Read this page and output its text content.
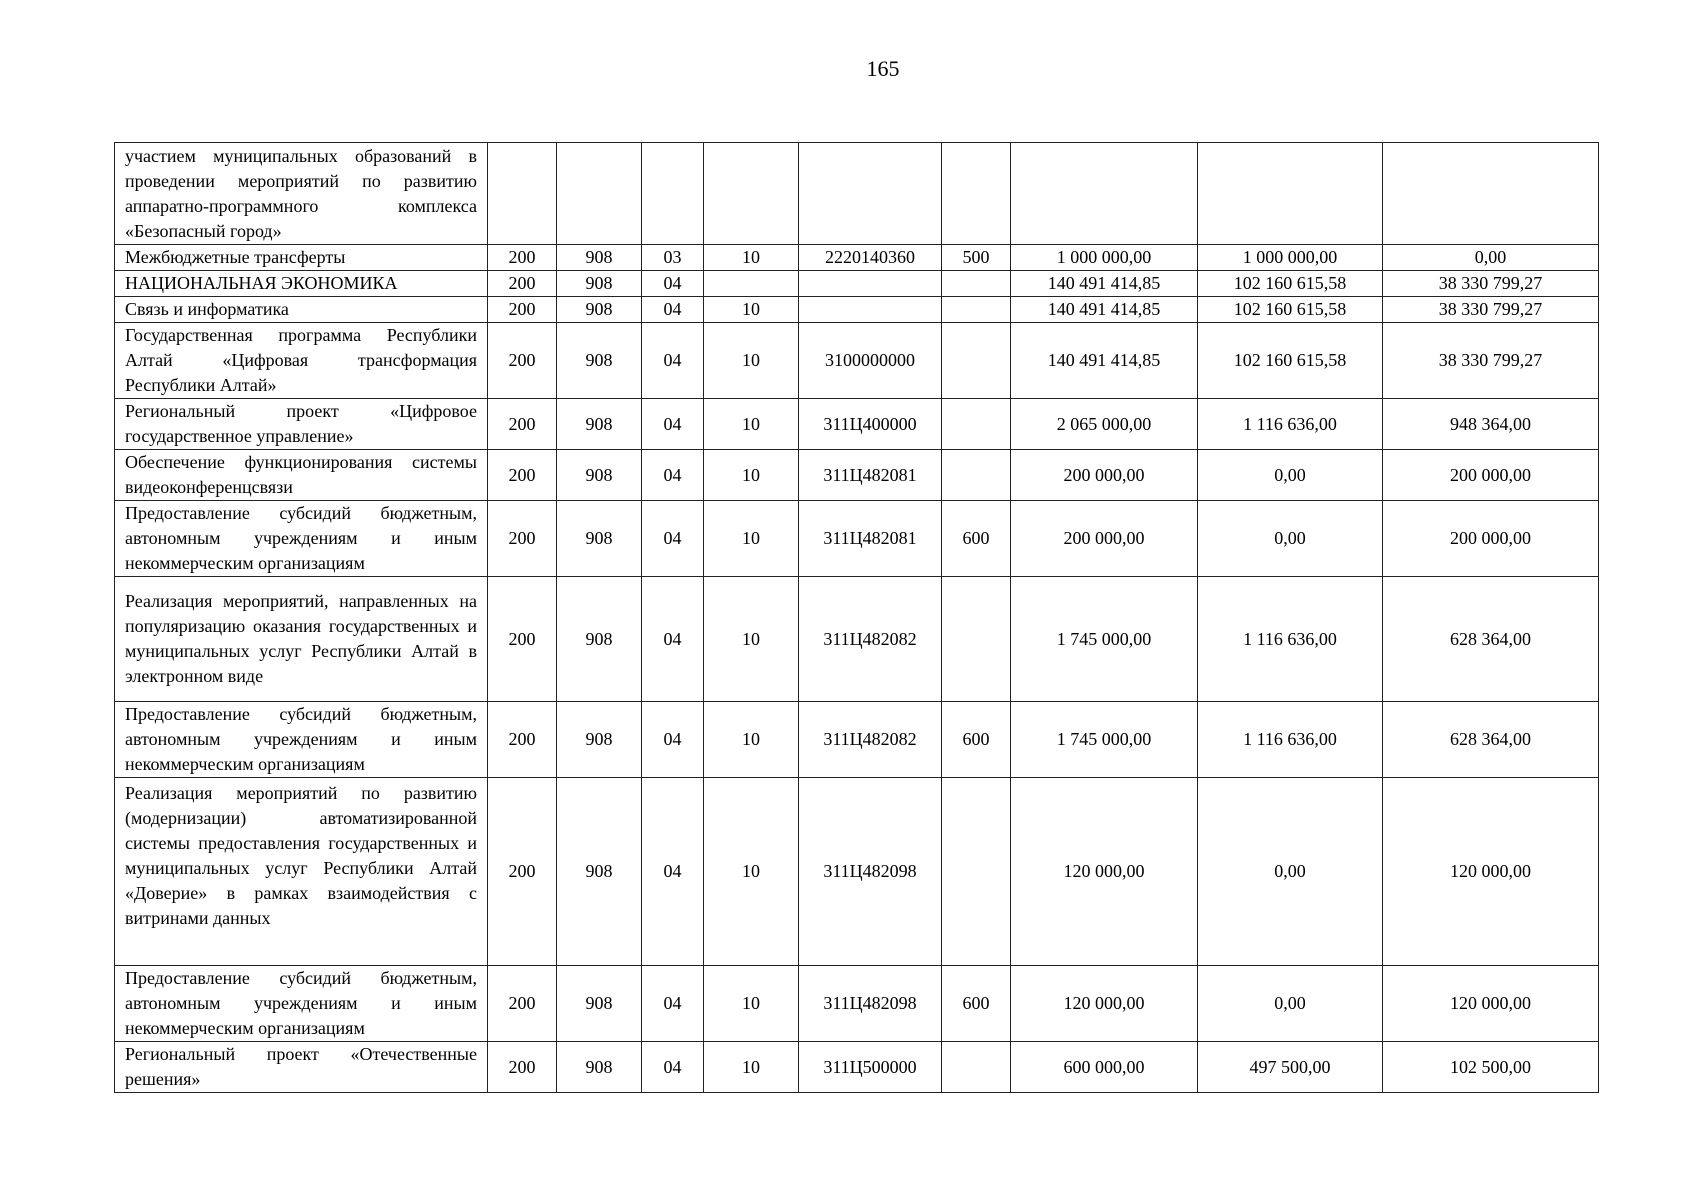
165
участием муниципальных образований в проведении мероприятий по развитию аппаратно-программного комплекса «Безопасный город»									
Межбюджетные трансферты	200	908	03	10	2220140360	500	1 000 000,00	1 000 000,00	0,00
НАЦИОНАЛЬНАЯ ЭКОНОМИКА	200	908	04				140 491 414,85	102 160 615,58	38 330 799,27
Связь и информатика	200	908	04	10			140 491 414,85	102 160 615,58	38 330 799,27
Государственная программа Республики Алтай «Цифровая трансформация Республики Алтай»	200	908	04	10	3100000000		140 491 414,85	102 160 615,58	38 330 799,27
Региональный проект «Цифровое государственное управление»	200	908	04	10	311Ц400000		2 065 000,00	1 116 636,00	948 364,00
Обеспечение функционирования системы видеоконференцсвязи	200	908	04	10	311Ц482081		200 000,00	0,00	200 000,00
Предоставление субсидий бюджетным, автономным учреждениям и иным некоммерческим организациям	200	908	04	10	311Ц482081	600	200 000,00	0,00	200 000,00
Реализация мероприятий, направленных на популяризацию оказания государственных и муниципальных услуг Республики Алтай в электронном виде	200	908	04	10	311Ц482082		1 745 000,00	1 116 636,00	628 364,00
Предоставление субсидий бюджетным, автономным учреждениям и иным некоммерческим организациям	200	908	04	10	311Ц482082	600	1 745 000,00	1 116 636,00	628 364,00
Реализация мероприятий по развитию (модернизации) автоматизированной системы предоставления государственных и муниципальных услуг Республики Алтай «Доверие» в рамках взаимодействия с витринами данных	200	908	04	10	311Ц482098		120 000,00	0,00	120 000,00
Предоставление субсидий бюджетным, автономным учреждениям и иным некоммерческим организациям	200	908	04	10	311Ц482098	600	120 000,00	0,00	120 000,00
Региональный проект «Отечественные решения»	200	908	04	10	311Ц500000		600 000,00	497 500,00	102 500,00
